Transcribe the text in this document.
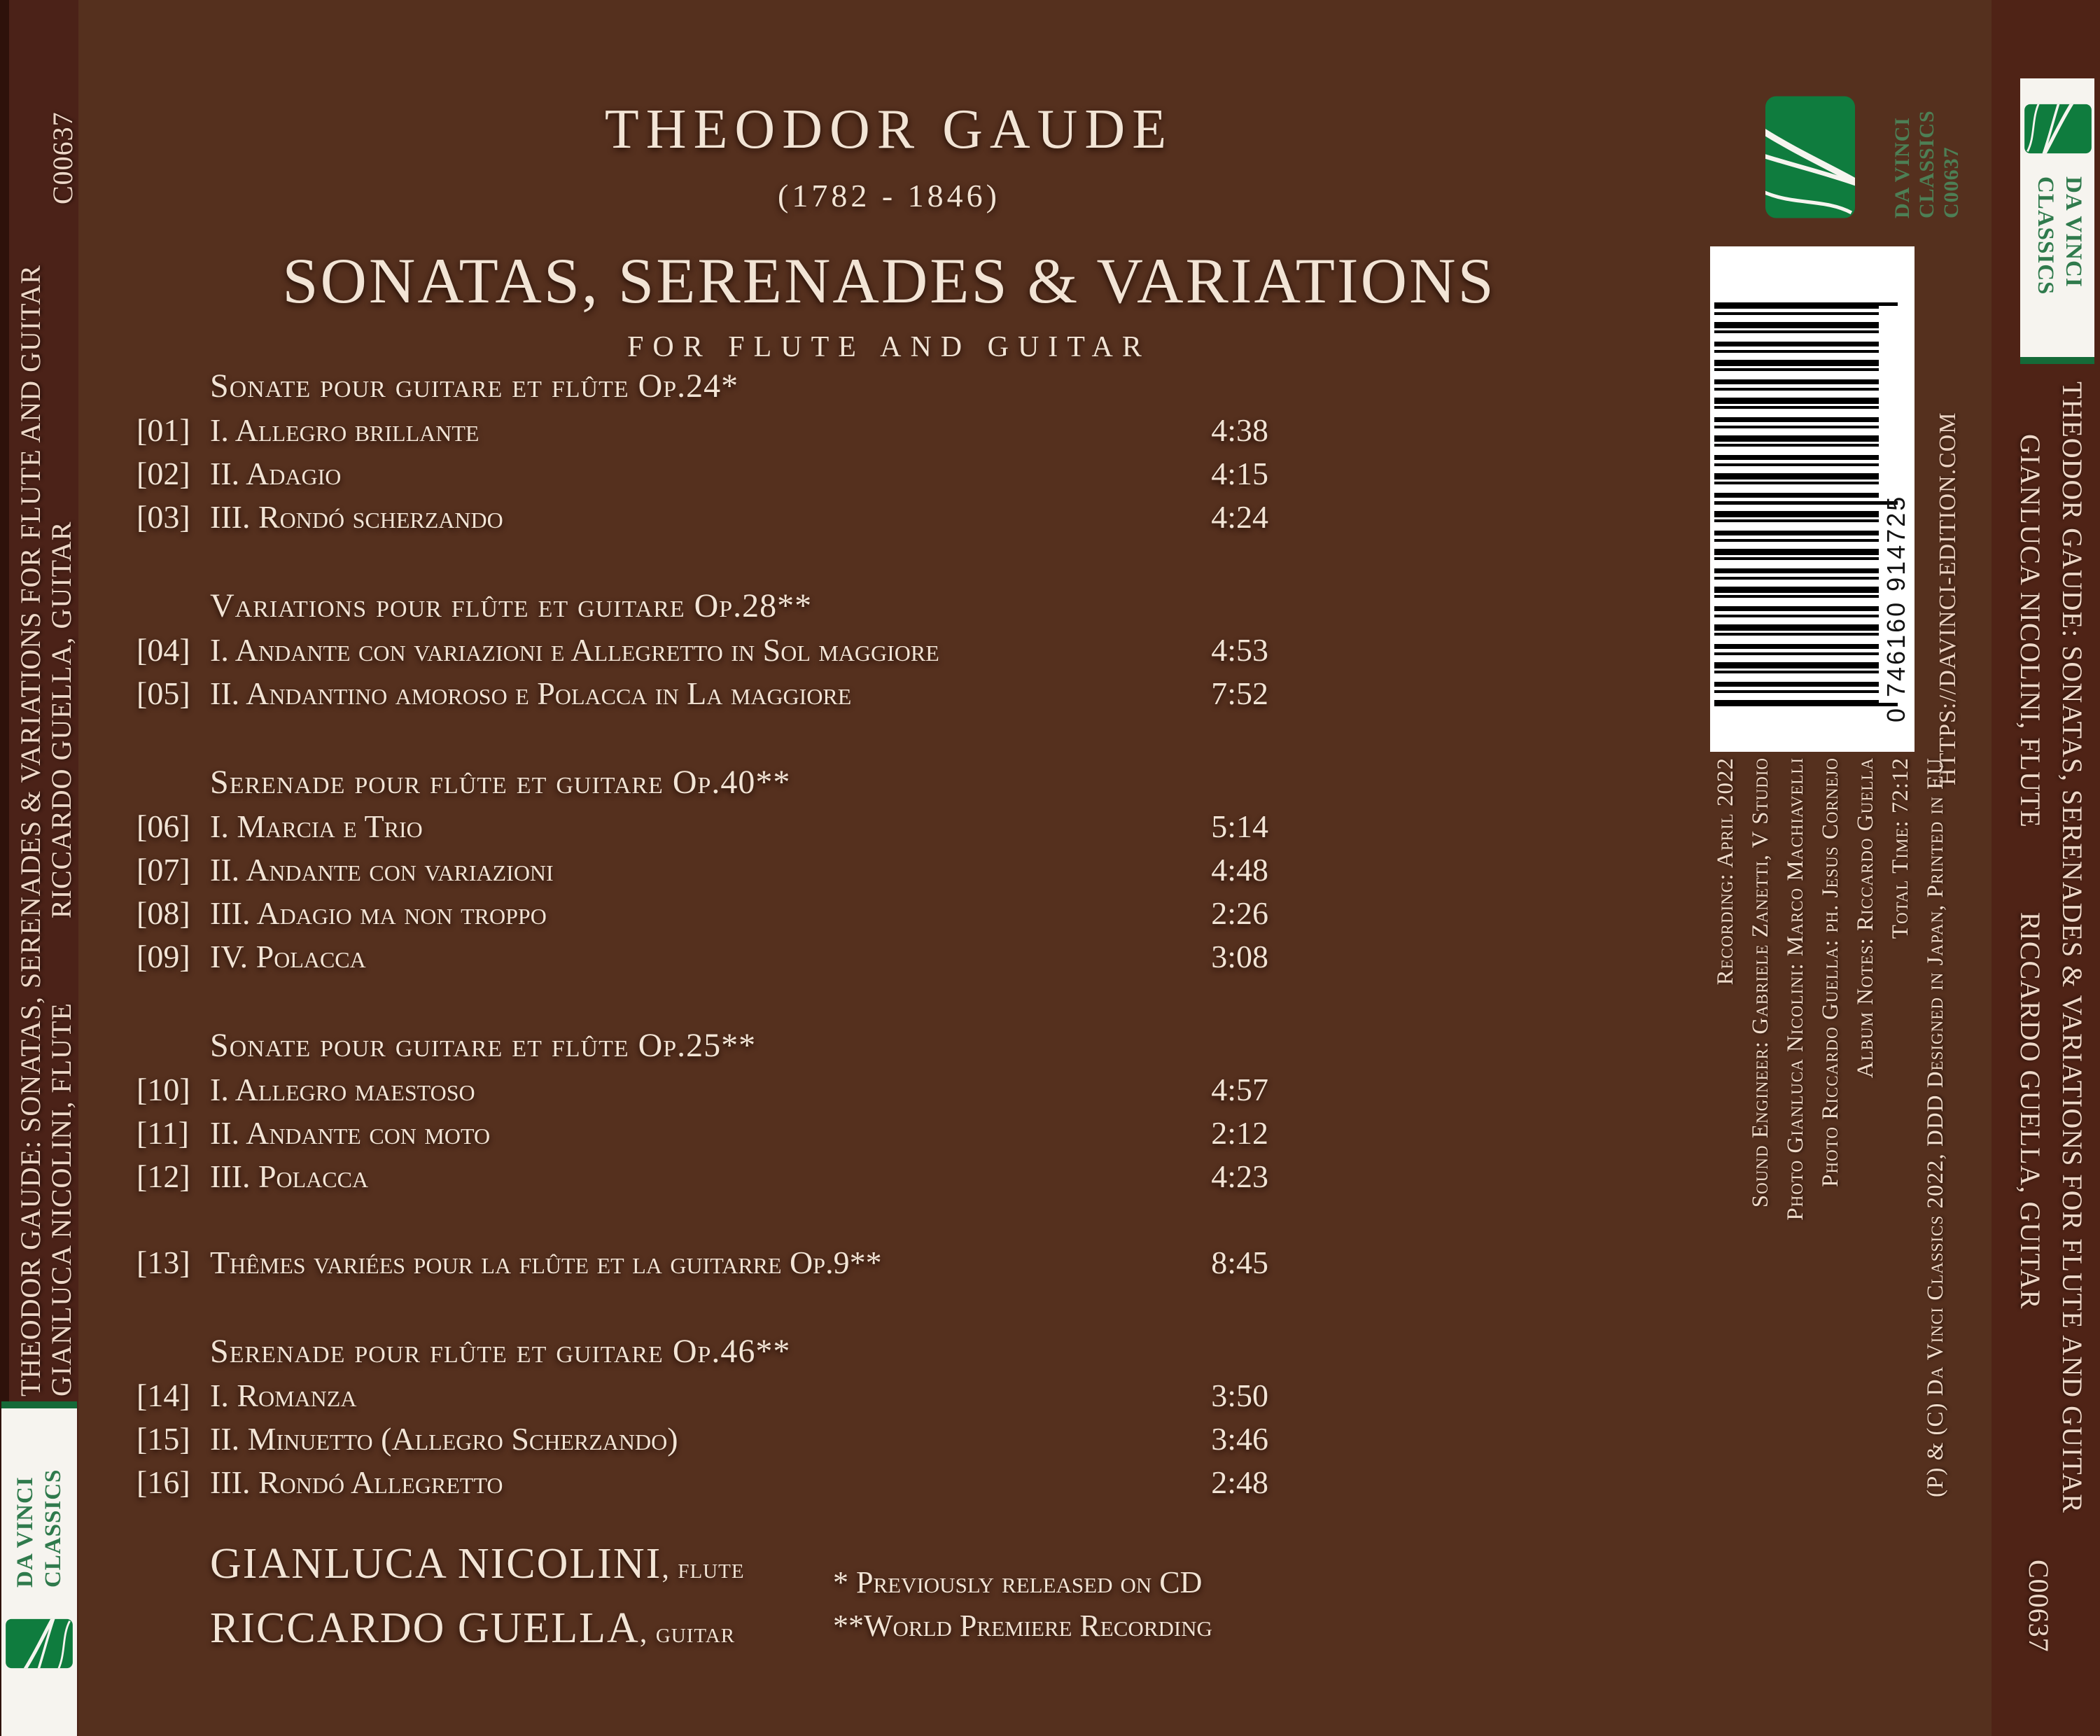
THEODOR GAUDE
(1782 - 1846)
SONATAS, SERENADES & VARIATIONS
FOR FLUTE AND GUITAR
Sonate pour guitare et flûte Op.24*
[01] I. Allegro brillante	4:38
[02] II. Adagio	4:15
[03] III. Rondó scherzando	4:24
Variations pour flûte et guitare Op.28**
[04] I. Andante con variazioni e Allegretto in Sol maggiore	4:53
[05] II. Andantino amoroso e Polacca in La maggiore	7:52
Serenade pour flûte et guitare Op.40**
[06] I. Marcia e Trio	5:14
[07] II. Andante con variazioni	4:48
[08] III. Adagio ma non troppo	2:26
[09] IV. Polacca	3:08
Sonate pour guitare et flûte Op.25**
[10] I. Allegro maestoso	4:57
[11] II. Andante con moto	2:12
[12] III. Polacca	4:23
[13] Thêmes variées pour la flûte et la guitarre Op.9**	8:45
Serenade pour flûte et guitare Op.46**
[14] I. Romanza	3:50
[15] II. Minuetto (Allegro Scherzando)	3:46
[16] III. Rondó Allegretto	2:48
GIANLUCA NICOLINI, flute
RICCARDO GUELLA, guitar
* Previously released on CD
**World Premiere Recording
0 746160 914725
DA VINCI CLASSICS C00637
HTTPS://DAVINCI-EDITION.COM
Recording: April 2022 Sound Engineer: Gabriele Zanetti, V Studio Photo Gianluca Nicolini: Marco Machiavelli Photo Riccardo Guella: ph. Jesus Cornejo Album Notes: Riccardo Guella Total Time: 72:12 (P) & (C) Da Vinci Classics 2022, DDD Designed in Japan, Printed in EU
C00637
THEODOR GAUDE: SONATAS, SERENADES & VARIATIONS FOR FLUTE AND GUITAR GIANLUCA NICOLINI, FLUTERICCARDO GUELLA, GUITAR
DA VINCI CLASSICS
DA VINCI
CLASSICS
THEODOR GAUDE: SONATAS, SERENADES & VARIATIONS FOR FLUTE AND GUITAR
GIANLUCA NICOLINI, FLUTERICCARDO GUELLA, GUITAR
C00637
